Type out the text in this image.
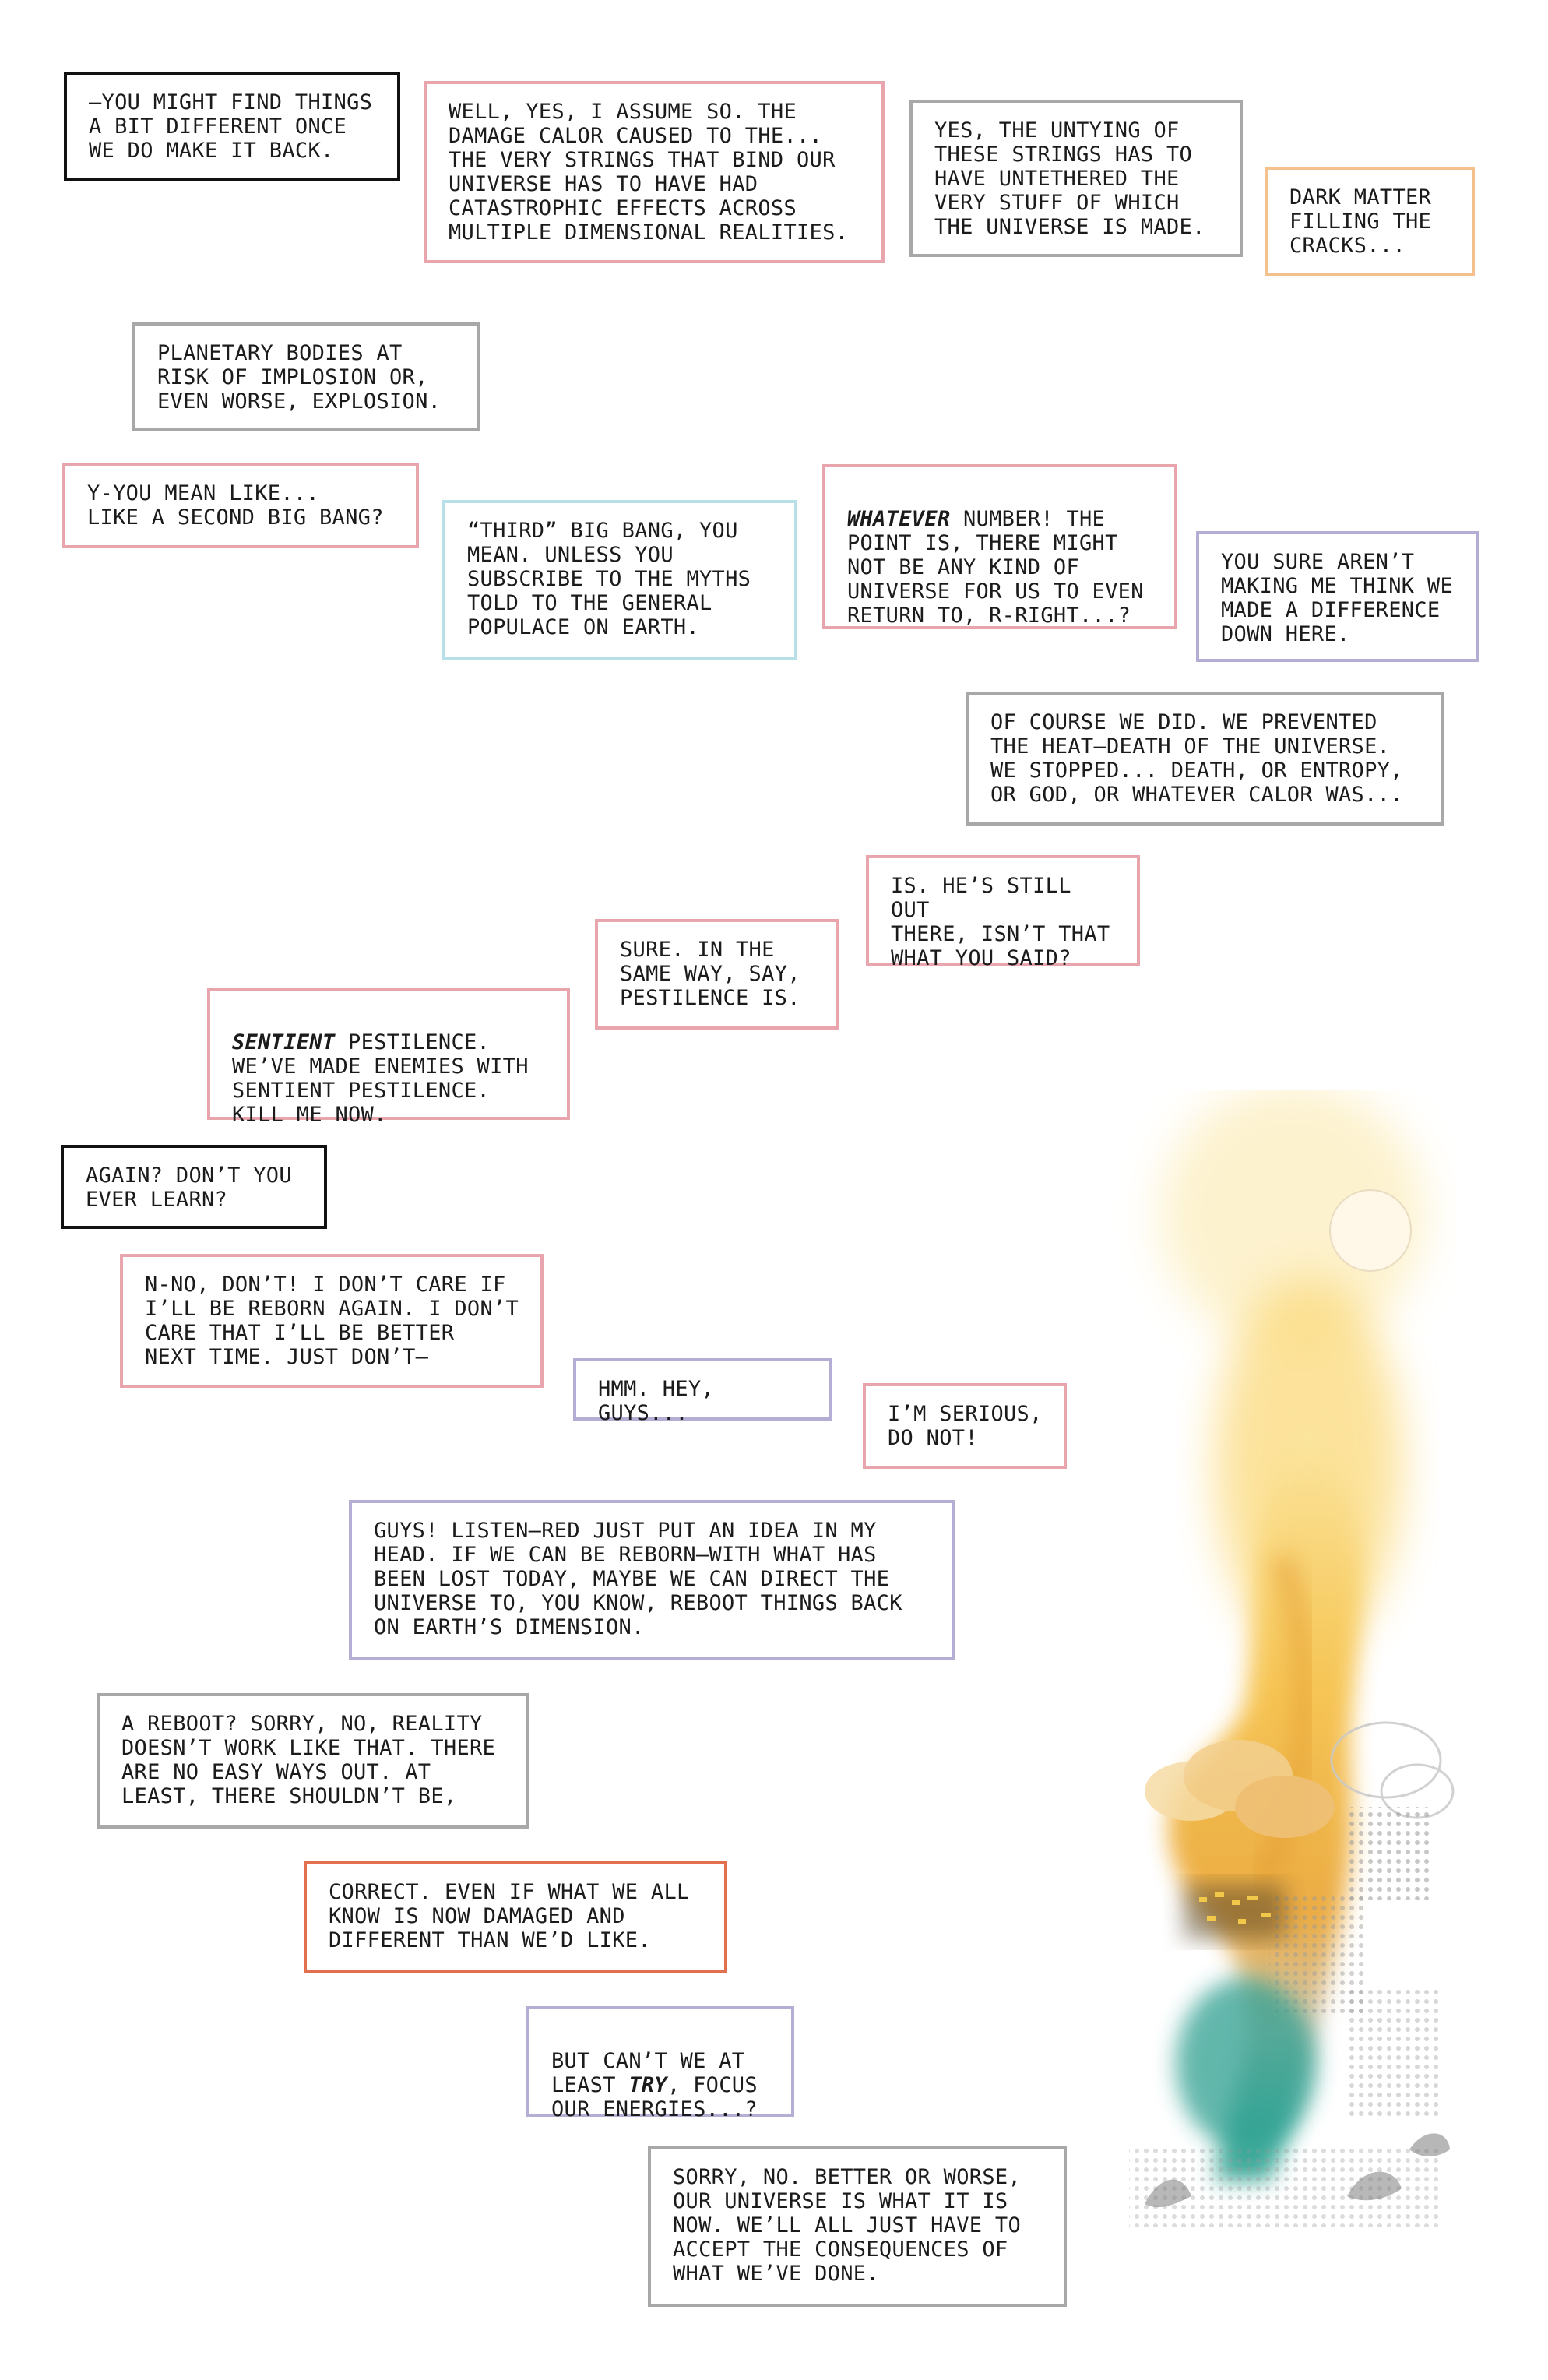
—YOU MIGHT FIND THINGS
A BIT DIFFERENT ONCE
WE DO MAKE IT BACK.
WELL, YES, I ASSUME SO. THE
DAMAGE CALOR CAUSED TO THE...
THE VERY STRINGS THAT BIND OUR
UNIVERSE HAS TO HAVE HAD
CATASTROPHIC EFFECTS ACROSS
MULTIPLE DIMENSIONAL REALITIES.
YES, THE UNTYING OF
THESE STRINGS HAS TO
HAVE UNTETHERED THE
VERY STUFF OF WHICH
THE UNIVERSE IS MADE.
DARK MATTER
FILLING THE
CRACKS...
PLANETARY BODIES AT
RISK OF IMPLOSION OR,
EVEN WORSE, EXPLOSION.
Y-YOU MEAN LIKE...
LIKE A SECOND BIG BANG?
“THIRD” BIG BANG, YOU
MEAN. UNLESS YOU
SUBSCRIBE TO THE MYTHS
TOLD TO THE GENERAL
POPULACE ON EARTH.

WHATEVER NUMBER! THE
POINT IS, THERE MIGHT
NOT BE ANY KIND OF
UNIVERSE FOR US TO EVEN
RETURN TO, R-RIGHT...?

YOU SURE AREN’T
MAKING ME THINK WE
MADE A DIFFERENCE
DOWN HERE.
OF COURSE WE DID. WE PREVENTED
THE HEAT—DEATH OF THE UNIVERSE.
WE STOPPED... DEATH, OR ENTROPY,
OR GOD, OR WHATEVER CALOR WAS...
IS. HE’S STILL OUT
THERE, ISN’T THAT
WHAT YOU SAID?
SURE. IN THE
SAME WAY, SAY,
PESTILENCE IS.

SENTIENT PESTILENCE.
WE’VE MADE ENEMIES WITH
SENTIENT PESTILENCE.
KILL ME NOW.

AGAIN? DON’T YOU
EVER LEARN?
N-NO, DON’T! I DON’T CARE IF
I’LL BE REBORN AGAIN. I DON’T
CARE THAT I’LL BE BETTER
NEXT TIME. JUST DON’T—
HMM. HEY, GUYS...	I’M SERIOUS,
DO NOT!
GUYS! LISTEN—RED JUST PUT AN IDEA IN MY
HEAD. IF WE CAN BE REBORN—WITH WHAT HAS
BEEN LOST TODAY, MAYBE WE CAN DIRECT THE
UNIVERSE TO, YOU KNOW, REBOOT THINGS BACK
ON EARTH’S DIMENSION.
A REBOOT? SORRY, NO, REALITY
DOESN’T WORK LIKE THAT. THERE
ARE NO EASY WAYS OUT. AT
LEAST, THERE SHOULDN’T BE,
CORRECT. EVEN IF WHAT WE ALL
KNOW IS NOW DAMAGED AND
DIFFERENT THAN WE’D LIKE.

BUT CAN’T WE AT
LEAST TRY, FOCUS
OUR ENERGIES...?

SORRY, NO. BETTER OR WORSE,
OUR UNIVERSE IS WHAT IT IS
NOW. WE’LL ALL JUST HAVE TO
ACCEPT THE CONSEQUENCES OF
WHAT WE’VE DONE.
